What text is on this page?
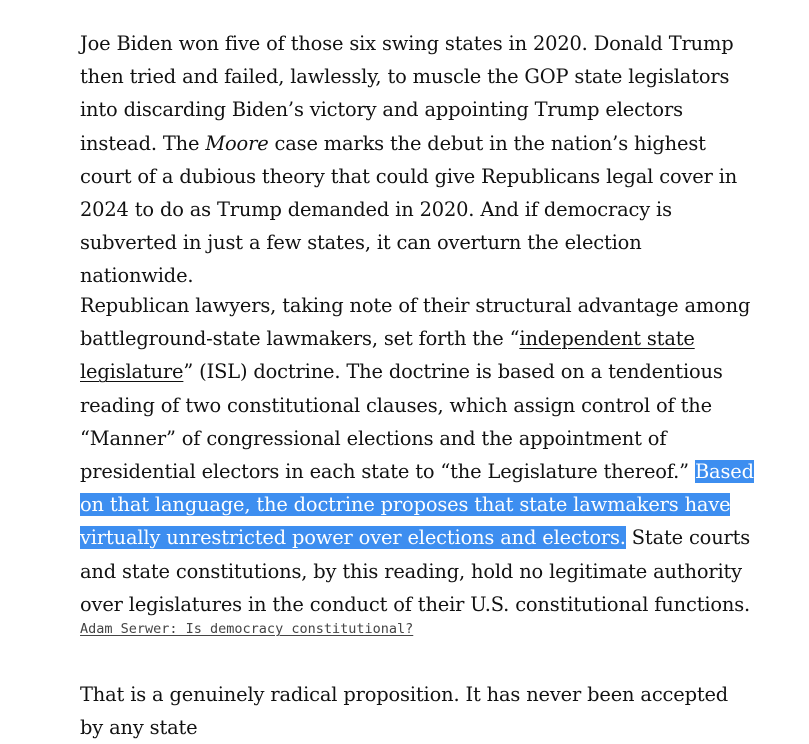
Joe Biden won five of those six swing states in 2020. Donald Trump then tried and failed, lawlessly, to muscle the GOP state legislators into discarding Biden’s victory and appointing Trump electors instead. The Moore case marks the debut in the nation’s highest court of a dubious theory that could give Republicans legal cover in 2024 to do as Trump demanded in 2020. And if democracy is subverted in just a few states, it can overturn the election nationwide.

Republican lawyers, taking note of their structural advantage among battleground-state lawmakers, set forth the “independent state legislature” (ISL) doctrine. The doctrine is based on a tendentious reading of two constitutional clauses, which assign control of the “Manner” of congressional elections and the appointment of presidential electors in each state to “the Legislature thereof.” Based on that language, the doctrine proposes that state lawmakers have virtually unrestricted power over elections and electors. State courts and state constitutions, by this reading, hold no legitimate authority over legislatures in the conduct of their U.S. constitutional functions.

That is a genuinely radical proposition. It has never been accepted by any state

Adam Serwer: Is democracy constitutional?
